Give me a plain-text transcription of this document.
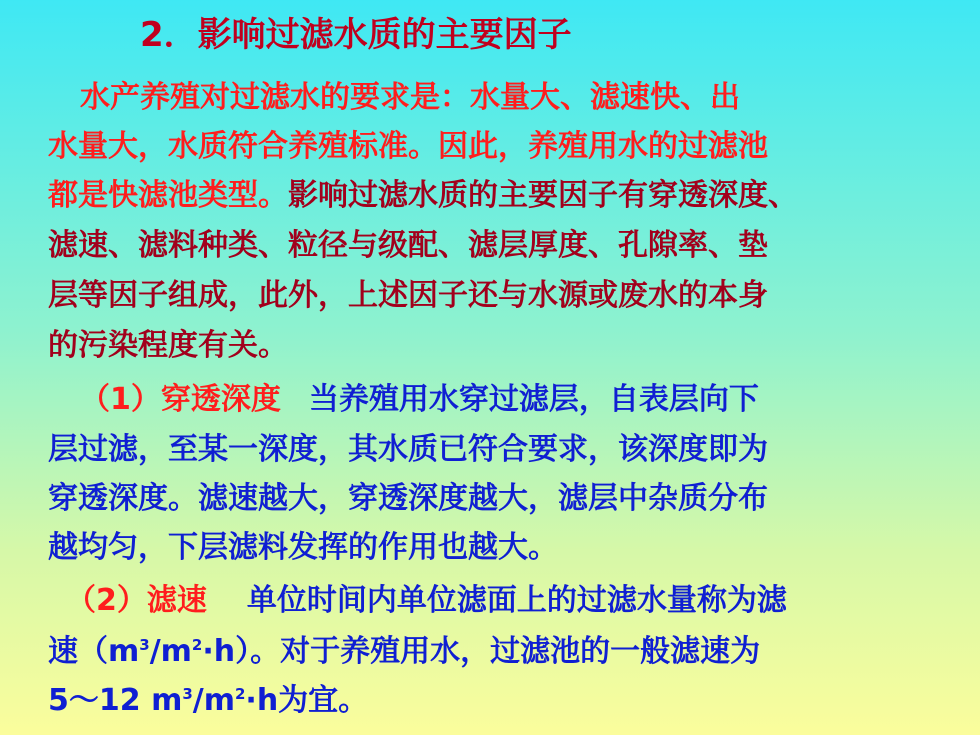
2．影响过滤水质的主要因子
水产养殖对过滤水的要求是：水量大、滤速快、出
水量大，水质符合养殖标准。因此，养殖用水的过滤池
都是快滤池类型。影响过滤水质的主要因子有穿透深度、
滤速、滤料种类、粒径与级配、滤层厚度、孔隙率、垫
层等因子组成，此外，上述因子还与水源或废水的本身
的污染程度有关。
（1）穿透深度 当养殖用水穿过滤层，自表层向下
层过滤，至某一深度，其水质已符合要求，该深度即为
穿透深度。滤速越大，穿透深度越大，滤层中杂质分布
越均匀，下层滤料发挥的作用也越大。
（2）滤速 单位时间内单位滤面上的过滤水量称为滤
速$(m^3/m^2\cdot h)$。对于养殖用水，过滤池的一般滤速为
5～12 $m^3/m^2\cdot h$为宜。
